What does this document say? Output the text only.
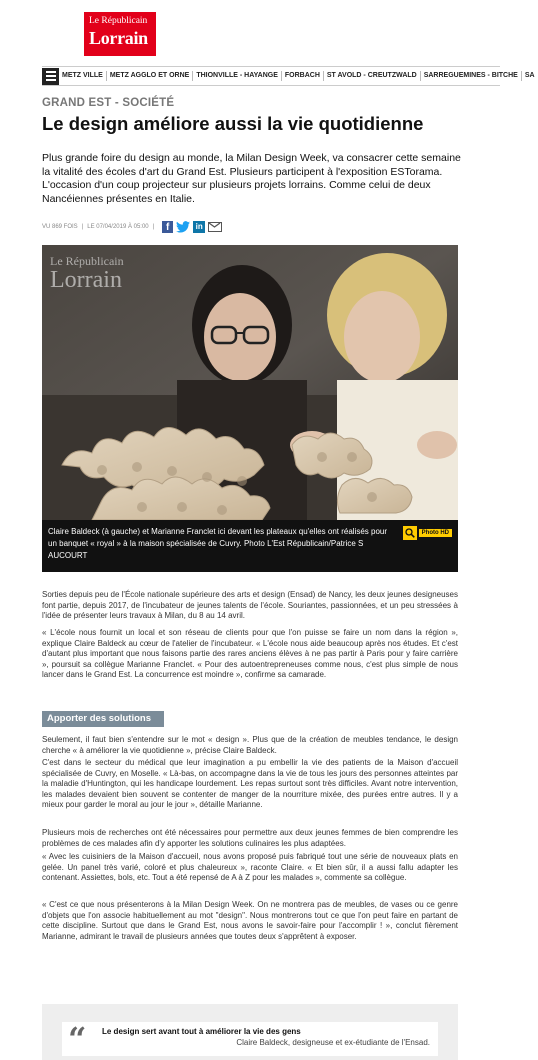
Le Républicain
Lorrain
METZ VILLE	METZ AGGLO ET ORNE	THIONVILLE - HAYANGE	FORBACH	ST AVOLD - CREUTZWALD	SARREGUEMINES - BITCHE	SA
GRAND EST - SOCIÉTÉ
Le design améliore aussi la vie quotidienne

Plus grande foire du design au monde, la Milan Design Week, va consacrer cette semaine la vitalité des écoles d'art du Grand Est. Plusieurs participent à l'exposition ESTorama. L'occasion d'un coup projecteur sur plusieurs projets lorrains. Comme celui de deux Nancéiennes présentes en Italie.

VU 869 FOIS | LE 07/04/2019 À 05:00 |	f	in
Le Républicain
Lorrain
Claire Baldeck (à gauche) et Marianne Franclet ici devant les plateaux qu'elles ont réalisés pour un banquet « royal » à la maison spécialisée de Cuvry. Photo L'Est Républicain/Patrice S AUCOURT
Photo HD

Sorties depuis peu de l'École nationale supérieure des arts et design (Ensad) de Nancy, les deux jeunes designeuses font partie, depuis 2017, de l'incubateur de jeunes talents de l'école. Souriantes, passionnées, et un peu stressées à l'idée de présenter leurs travaux à Milan, du 8 au 14 avril.

« L'école nous fournit un local et son réseau de clients pour que l'on puisse se faire un nom dans la région », explique Claire Baldeck au cœur de l'atelier de l'incubateur. « L'école nous aide beaucoup après nos études. Et c'est d'autant plus important que nous faisons partie des rares anciens élèves à ne pas partir à Paris pour y faire carrière », poursuit sa collègue Marianne Franclet. « Pour des autoentrepreneuses comme nous, c'est plus simple de nous lancer dans le Grand Est. La concurrence est moindre », confirme sa camarade.

Apporter des solutions

Seulement, il faut bien s'entendre sur le mot « design ». Plus que de la création de meubles tendance, le design cherche « à améliorer la vie quotidienne », précise Claire Baldeck.

C'est dans le secteur du médical que leur imagination a pu embellir la vie des patients de la Maison d'accueil spécialisée de Cuvry, en Moselle. « Là-bas, on accompagne dans la vie de tous les jours des personnes atteintes par la maladie d'Huntington, qui les handicape lourdement. Les repas surtout sont très difficiles. Avant notre intervention, les malades devaient bien souvent se contenter de manger de la nourriture mixée, des purées entre autres. Il y a mieux pour garder le moral au jour le jour », détaille Marianne.

Plusieurs mois de recherches ont été nécessaires pour permettre aux deux jeunes femmes de bien comprendre les problèmes de ces malades afin d'y apporter les solutions culinaires les plus adaptées.

« Avec les cuisiniers de la Maison d'accueil, nous avons proposé puis fabriqué tout une série de nouveaux plats en gelée. Un panel très varié, coloré et plus chaleureux », raconte Claire. « Et bien sûr, il a aussi fallu adapter les contenant. Assiettes, bols, etc. Tout a été repensé de A à Z pour les malades », commente sa collègue.

« C'est ce que nous présenterons à la Milan Design Week. On ne montrera pas de meubles, de vases ou ce genre d'objets que l'on associe habituellement au mot "design". Nous montrerons tout ce que l'on peut faire en partant de cette discipline. Surtout que dans le Grand Est, nous avons le savoir-faire pour l'accomplir ! », conclut fièrement Marianne, admirant le travail de plusieurs années que toutes deux s'apprêtent à exposer.

“ Le design sert avant tout à améliorer la vie des gens
Claire Baldeck, designeuse et ex-étudiante de l'Ensad.
